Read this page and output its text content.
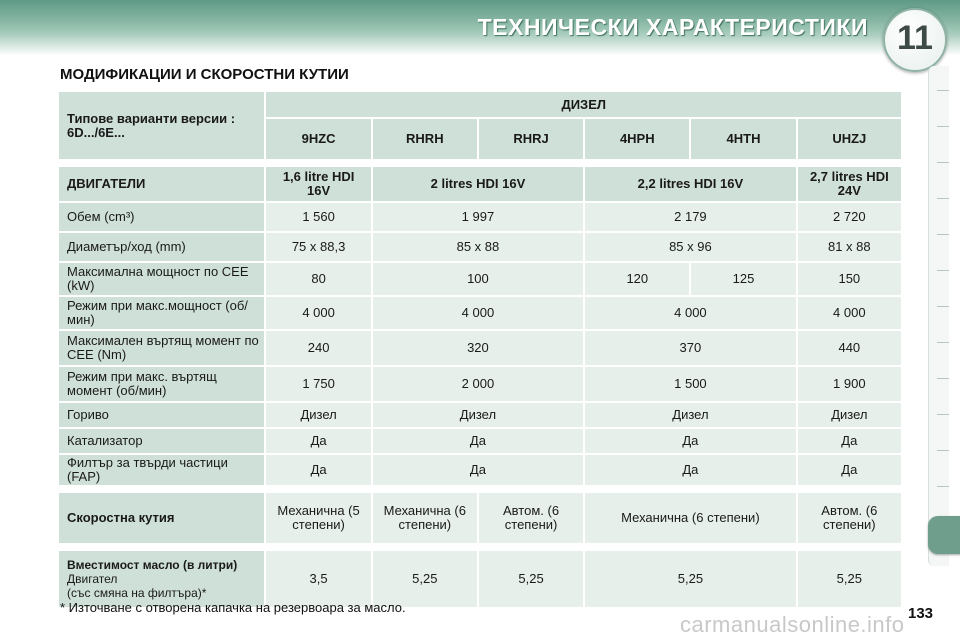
ТЕХНИЧЕСКИ ХАРАКТЕРИСТИКИ 11
МОДИФИКАЦИИ И СКОРОСТНИ КУТИИ
Типове варианти версии : 6D.../6E...	ДИЗЕЛ					
	9HZC	RHRH	RHRJ	4HPH	4HTH	UHZJ

ДВИГАТЕЛИ	1,6 litre HDI 16V	2 litres HDI 16V		2,2 litres HDI 16V		2,7 litres HDI 24V
Обем (cm³)	1 560	1 997		2 179		2 720
Диаметър/ход (mm)	75 x 88,3	85 x 88		85 x 96		81 x 88
Максимална мощност по CEE (kW)	80	100		120	125	150
Режим при макс.мощност (об/мин)	4 000	4 000		4 000		4 000
Максимален въртящ момент по CEE (Nm)	240	320		370		440
Режим при макс. въртящ момент (об/мин)	1 750	2 000		1 500		1 900
Гориво	Дизел	Дизел		Дизел		Дизел
Катализатор	Да	Да		Да		Да
Филтър за твърди частици (FAP)	Да	Да		Да		Да

Скоростна кутия	Механична (5 степени)	Механична (6 степени)	Автом. (6 степени)	Механична (6 степени)		Автом. (6 степени)

Вместимост масло (в литри)
Двигател
(със смяна на филтъра)*	3,5	5,25	5,25	5,25		5,25
* Източване с отворена капачка на резервоара за масло.
carmanualsonline.info 133
